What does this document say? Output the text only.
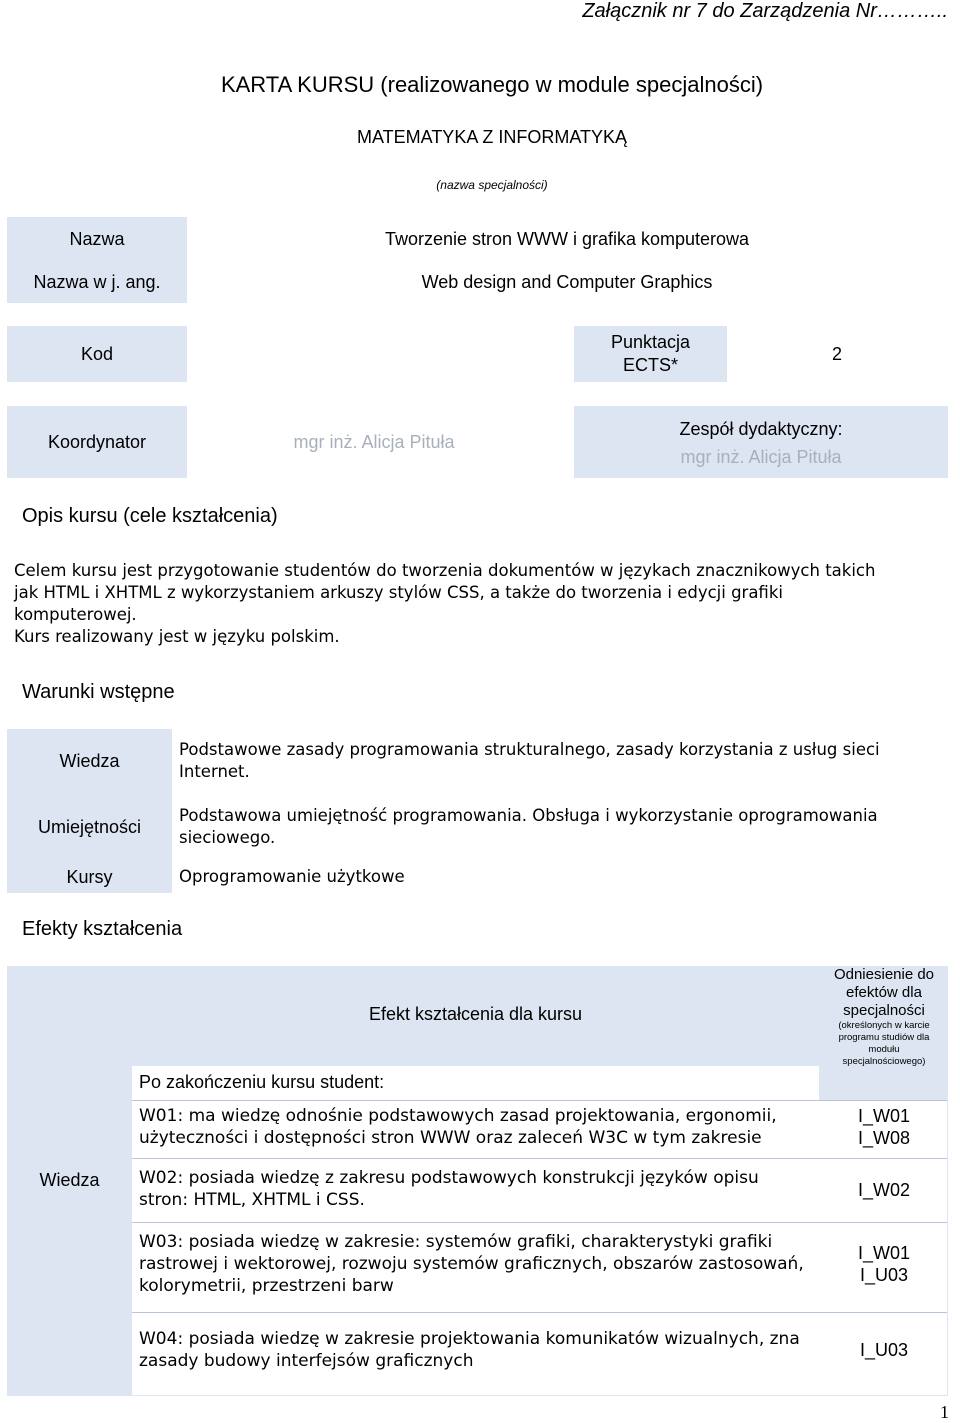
Załącznik nr 7 do Zarządzenia Nr………..
KARTA KURSU (realizowanego w module specjalności)
MATEMATYKA Z INFORMATYKĄ
(nazwa specjalności)
Nazwa
Nazwa w j. ang.
Tworzenie stron WWW i grafika komputerowa
Web design and Computer Graphics
Kod
Punktacja
ECTS*
2
Koordynator	mgr inż. Alicja Pituła
Zespół dydaktyczny:
mgr inż. Alicja Pituła
Opis kursu (cele kształcenia)
Celem kursu jest przygotowanie studentów do tworzenia dokumentów w językach znacznikowych takich
jak HTML i XHTML z wykorzystaniem arkuszy stylów CSS, a także do tworzenia i edycji grafiki
komputerowej.
Kurs realizowany jest w języku polskim.
Warunki wstępne
Wiedza
Umiejętności
Kursy
Podstawowe zasady programowania strukturalnego, zasady korzystania z usług sieci
Internet.
Podstawowa umiejętność programowania. Obsługa i wykorzystanie oprogramowania
sieciowego.
Oprogramowanie użytkowe
Efekty kształcenia
Efekt kształcenia dla kursu
Odniesienie do
efektów dla
specjalności
(określonych w karcie
programu studiów dla
modułu
specjalnościowego)
Po zakończeniu kursu student:
Wiedza
W01: ma wiedzę odnośnie podstawowych zasad projektowania, ergonomii,
użyteczności i dostępności stron WWW oraz zaleceń W3C w tym zakresie
I_W01
I_W08
W02: posiada wiedzę z zakresu podstawowych konstrukcji języków opisu
stron: HTML, XHTML i CSS.	I_W02
W03: posiada wiedzę w zakresie: systemów grafiki, charakterystyki grafiki
rastrowej i wektorowej, rozwoju systemów graficznych, obszarów zastosowań,
kolorymetrii, przestrzeni barw
I_W01
I_U03
W04: posiada wiedzę w zakresie projektowania komunikatów wizualnych, zna
zasady budowy interfejsów graficznych
I_U03
1
